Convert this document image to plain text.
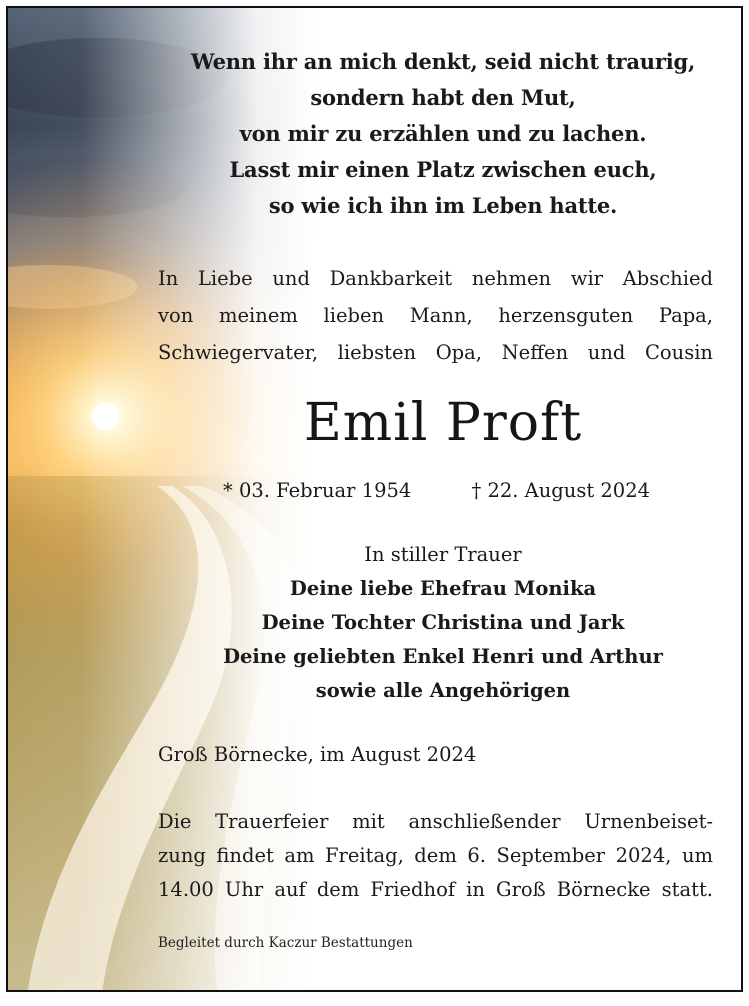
Wenn ihr an mich denkt, seid nicht traurig,
sondern habt den Mut,
von mir zu erzählen und zu lachen.
Lasst mir einen Platz zwischen euch,
so wie ich ihn im Leben hatte.
In Liebe und Dankbarkeit nehmen wir Abschied
von meinem lieben Mann, herzensguten Papa,
Schwiegervater, liebsten Opa, Neffen und Cousin
Emil Proft
* 03. Februar 1954	† 22. August 2024
In stiller Trauer
Deine liebe Ehefrau Monika
Deine Tochter Christina und Jark
Deine geliebten Enkel Henri und Arthur
sowie alle Angehörigen
Groß Börnecke, im August 2024
Die Trauerfeier mit anschließender Urnenbeiset-
zung findet am Freitag, dem 6. September 2024, um
14.00 Uhr auf dem Friedhof in Groß Börnecke statt.
Begleitet durch Kaczur Bestattungen
